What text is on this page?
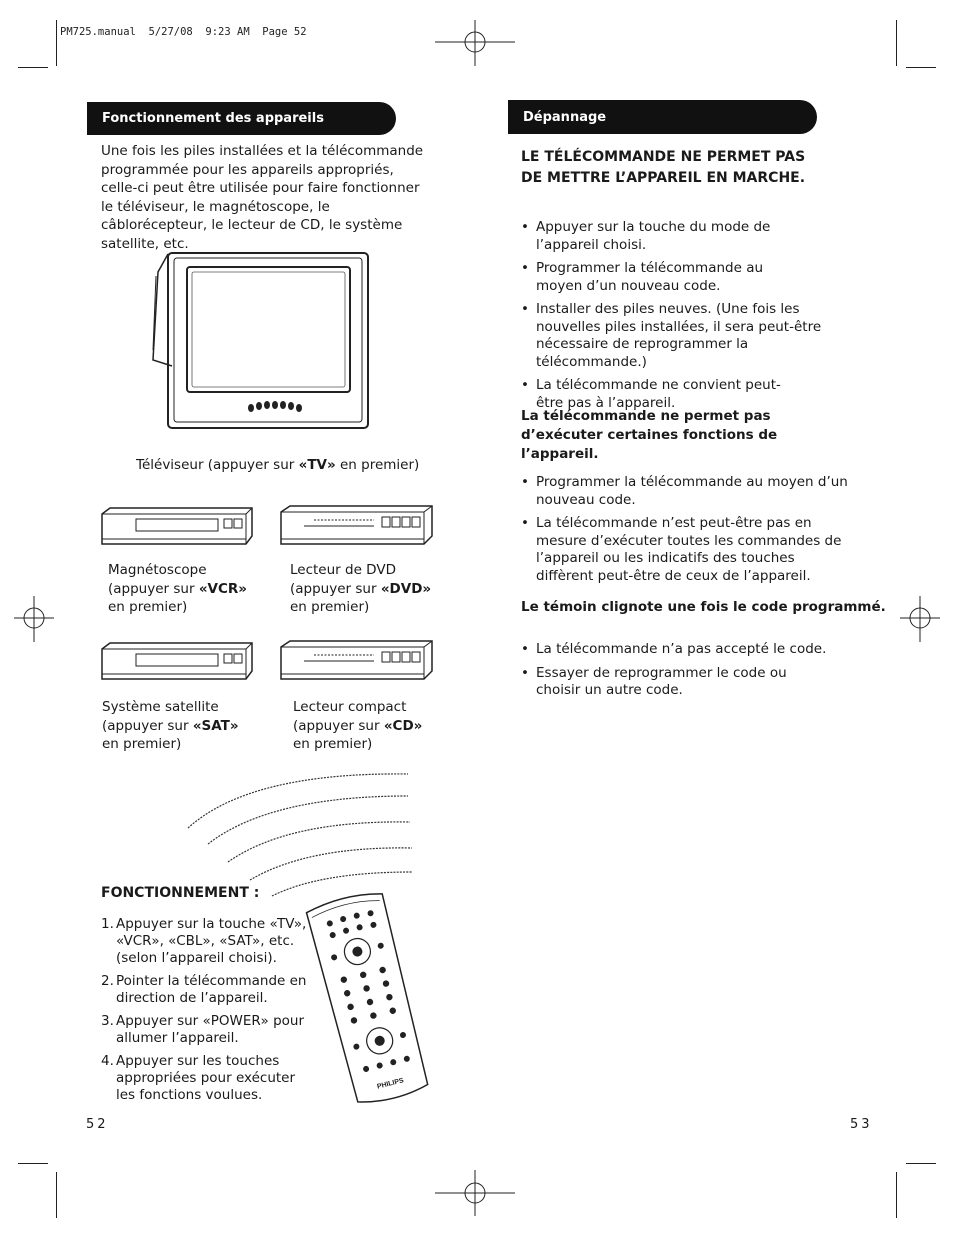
PM725.manual  5/27/08  9:23 AM  Page 52
Fonctionnement des appareils
Une fois les piles installées et la télécommande programmée pour les appareils appropriés, celle-ci peut être utilisée pour faire fonctionner le téléviseur, le magnétoscope, le câblorécepteur, le lecteur de CD, le système satellite, etc.
Téléviseur (appuyer sur «TV» en premier)
Magnétoscope
(appuyer sur «VCR»
en premier)
Lecteur de DVD
(appuyer sur «DVD»
en premier)
Système satellite
(appuyer sur «SAT»
en premier)
Lecteur compact
(appuyer sur «CD»
en premier)
PHILIPS
FONCTIONNEMENT :
1. Appuyer sur la touche «TV», «VCR», «CBL», «SAT», etc. (selon l’appareil choisi).
2. Pointer la télécommande en direction de l’appareil.
3. Appuyer sur «POWER» pour allumer l’appareil.
4. Appuyer sur les touches appropriées pour exécuter les fonctions voulues.
52
Dépannage
LE TÉLÉCOMMANDE NE PERMET PAS DE METTRE L’APPAREIL EN MARCHE.
• Appuyer sur la touche du mode de l’appareil choisi.
• Programmer la télécommande au moyen d’un nouveau code.
• Installer des piles neuves. (Une fois les nouvelles piles installées, il sera peut-être nécessaire de reprogrammer la télécommande.)
• La télécommande ne convient peut-être pas à l’appareil.
La télécommande ne permet pas d’exécuter certaines fonctions de l’appareil.
• Programmer la télécommande au moyen d’un nouveau code.
• La télécommande n’est peut-être pas en mesure d’exécuter toutes les commandes de l’appareil ou les indicatifs des touches diffèrent peut-être de ceux de l’appareil.
Le témoin clignote une fois le code programmé.
• La télécommande n’a pas accepté le code.
• Essayer de reprogrammer le code ou choisir un autre code.
53
